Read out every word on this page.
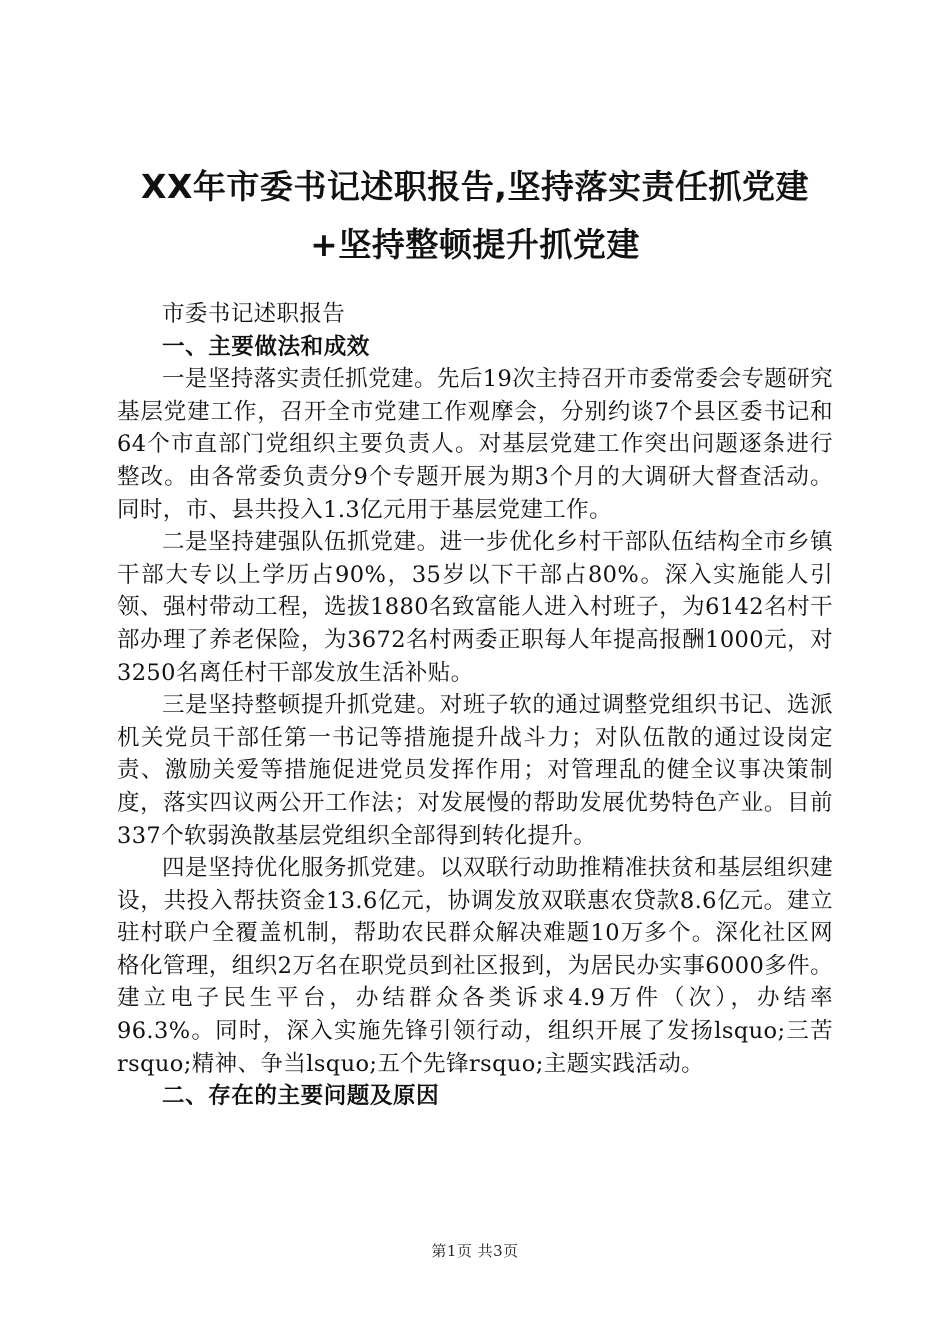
XX年市委书记述职报告,坚持落实责任抓党建
+坚持整顿提升抓党建

市委书记述职报告

一、主要做法和成效

一是坚持落实责任抓党建。先后19次主持召开市委常委会专题研究基层党建工作，召开全市党建工作观摩会，分别约谈7个县区委书记和64个市直部门党组织主要负责人。对基层党建工作突出问题逐条进行整改。由各常委负责分9个专题开展为期3个月的大调研大督查活动。同时，市、县共投入1.3亿元用于基层党建工作。

二是坚持建强队伍抓党建。进一步优化乡村干部队伍结构全市乡镇干部大专以上学历占90%，35岁以下干部占80%。深入实施能人引领、强村带动工程，选拔1880名致富能人进入村班子，为6142名村干部办理了养老保险，为3672名村两委正职每人年提高报酬1000元，对3250名离任村干部发放生活补贴。

三是坚持整顿提升抓党建。对班子软的通过调整党组织书记、选派机关党员干部任第一书记等措施提升战斗力；对队伍散的通过设岗定责、激励关爱等措施促进党员发挥作用；对管理乱的健全议事决策制度，落实四议两公开工作法；对发展慢的帮助发展优势特色产业。目前337个软弱涣散基层党组织全部得到转化提升。

四是坚持优化服务抓党建。以双联行动助推精准扶贫和基层组织建设，共投入帮扶资金13.6亿元，协调发放双联惠农贷款8.6亿元。建立驻村联户全覆盖机制，帮助农民群众解决难题10万多个。深化社区网格化管理，组织2万名在职党员到社区报到，为居民办实事6000多件。建立电子民生平台，办结群众各类诉求4.9万件（次），办结率96.3%。同时，深入实施先锋引领行动，组织开展了发扬lsquo;三苦rsquo;精神、争当lsquo;五个先锋rsquo;主题实践活动。

二、存在的主要问题及原因

第1页 共3页
